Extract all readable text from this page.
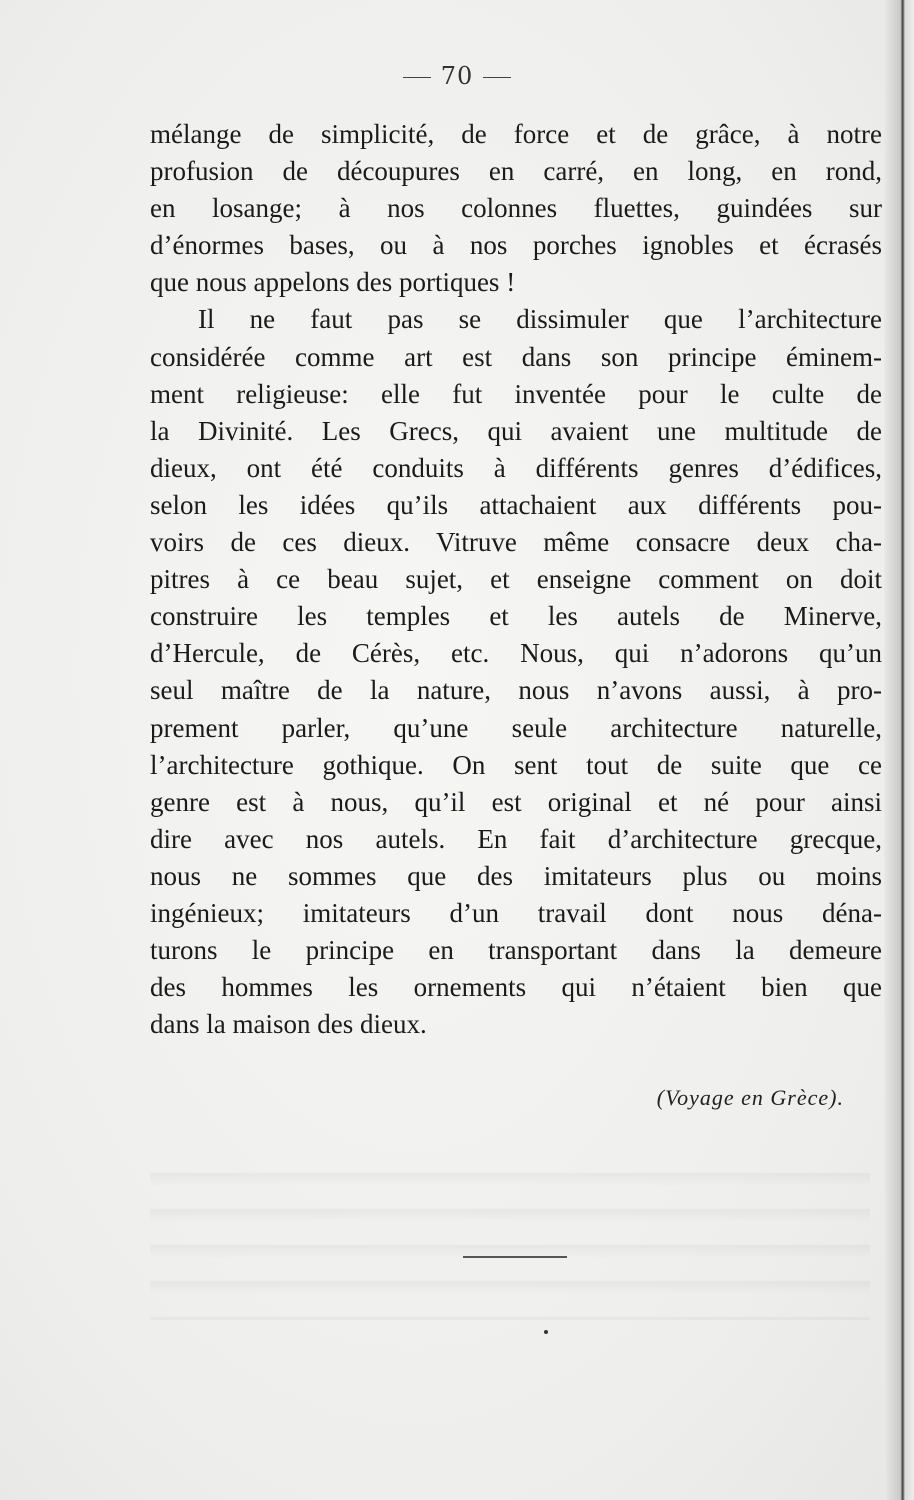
70
mélange de simplicité, de force et de grâce, à notre
profusion de découpures en carré, en long, en rond,
en losange; à nos colonnes fluettes, guindées sur
d’énormes bases, ou à nos porches ignobles et écrasés
que nous appelons des portiques !
Il ne faut pas se dissimuler que l’architecture
considérée comme art est dans son principe éminem-
ment religieuse: elle fut inventée pour le culte de
la Divinité. Les Grecs, qui avaient une multitude de
dieux, ont été conduits à différents genres d’édifices,
selon les idées qu’ils attachaient aux différents pou-
voirs de ces dieux. Vitruve même consacre deux cha-
pitres à ce beau sujet, et enseigne comment on doit
construire les temples et les autels de Minerve,
d’Hercule, de Cérès, etc. Nous, qui n’adorons qu’un
seul maître de la nature, nous n’avons aussi, à pro-
prement parler, qu’une seule architecture naturelle,
l’architecture gothique. On sent tout de suite que ce
genre est à nous, qu’il est original et né pour ainsi
dire avec nos autels. En fait d’architecture grecque,
nous ne sommes que des imitateurs plus ou moins
ingénieux; imitateurs d’un travail dont nous déna-
turons le principe en transportant dans la demeure
des hommes les ornements qui n’étaient bien que
dans la maison des dieux.
(Voyage en Grèce).
